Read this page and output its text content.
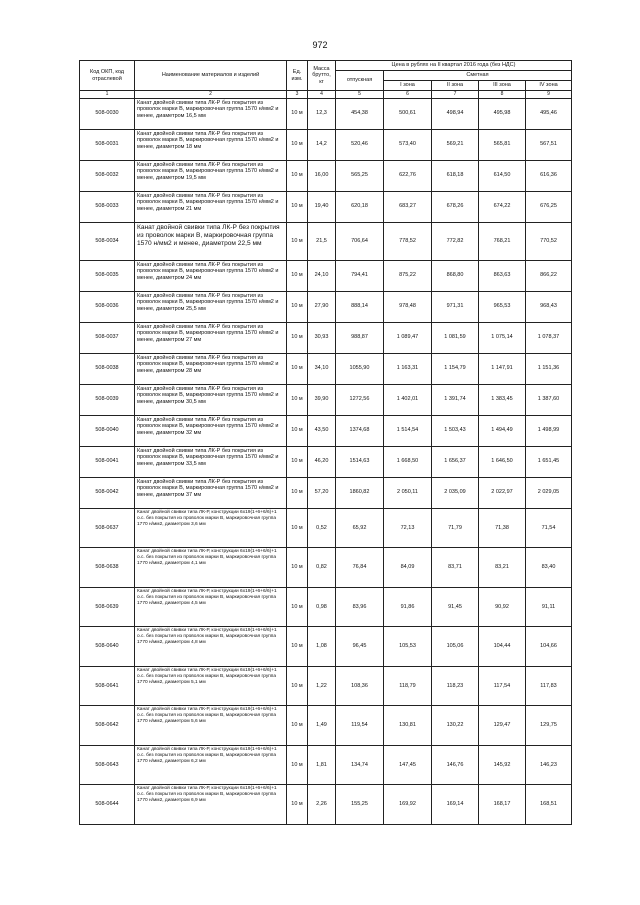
972
Код ОКП, код отраслевой	Наименование материалов и изделий	Ед. изм.	Масса брутто, кг	Цена в рублях на II квартал 2016 года (без НДС)				
				отпускная	Сметная			
					I зона	II зона	III зона	IV зона
1	2	3	4	5	6	7	8	9
508-0030	Канат двойной свивки типа ЛК-Р без покрытия из проволок марки В, маркировочная группа 1570 н/мм2 и менее, диаметром 16,5 мм	10 м	12,3	454,38	500,61	498,94	495,98	495,46
508-0031	Канат двойной свивки типа ЛК-Р без покрытия из проволок марки В, маркировочная группа 1570 н/мм2 и менее, диаметром 18 мм	10 м	14,2	520,46	573,40	569,21	565,81	567,51
508-0032	Канат двойной свивки типа ЛК-Р без покрытия из проволок марки В, маркировочная группа 1570 н/мм2 и менее, диаметром 19,5 мм	10 м	16,00	565,25	622,76	618,18	614,50	616,36
508-0033	Канат двойной свивки типа ЛК-Р без покрытия из проволок марки В, маркировочная группа 1570 н/мм2 и менее, диаметром 21 мм	10 м	19,40	620,18	683,27	678,26	674,22	676,25
508-0034	Канат двойной свивки типа ЛК-Р без покрытия из проволок марки В, маркировочная группа 1570 н/мм2 и менее, диаметром 22,5 мм	10 м	21,5	706,64	778,52	772,82	768,21	770,52
508-0035	Канат двойной свивки типа ЛК-Р без покрытия из проволок марки В, маркировочная группа 1570 н/мм2 и менее, диаметром 24 мм	10 м	24,10	794,41	875,22	868,80	863,63	866,22
508-0036	Канат двойной свивки типа ЛК-Р без покрытия из проволок марки В, маркировочная группа 1570 н/мм2 и менее, диаметром 25,5 мм	10 м	27,90	888,14	978,48	971,31	965,53	968,43
508-0037	Канат двойной свивки типа ЛК-Р без покрытия из проволок марки В, маркировочная группа 1570 н/мм2 и менее, диаметром 27 мм	10 м	30,93	988,87	1 089,47	1 081,59	1 075,14	1 078,37
508-0038	Канат двойной свивки типа ЛК-Р без покрытия из проволок марки В, маркировочная группа 1570 н/мм2 и менее, диаметром 28 мм	10 м	34,10	1055,90	1 163,31	1 154,79	1 147,91	1 151,36
508-0039	Канат двойной свивки типа ЛК-Р без покрытия из проволок марки В, маркировочная группа 1570 н/мм2 и менее, диаметром 30,5 мм	10 м	39,90	1272,56	1 402,01	1 391,74	1 383,45	1 387,60
508-0040	Канат двойной свивки типа ЛК-Р без покрытия из проволок марки В, маркировочная группа 1570 н/мм2 и менее, диаметром 32 мм	10 м	43,50	1374,68	1 514,54	1 503,43	1 494,49	1 498,99
508-0041	Канат двойной свивки типа ЛК-Р без покрытия из проволок марки В, маркировочная группа 1570 н/мм2 и менее, диаметром 33,5 мм	10 м	46,20	1514,63	1 668,50	1 656,37	1 646,50	1 651,45
508-0042	Канат двойной свивки типа ЛК-Р без покрытия из проволок марки В, маркировочная группа 1570 н/мм2 и менее, диаметром 37 мм	10 м	57,20	1860,82	2 050,11	2 035,09	2 022,97	2 029,05
508-0637	Канат двойной свивки типа ЛК-Р, конструкции 6х19(1+6+6/6)+1 о.с. без покрытия из проволок марки В, маркировочная группа 1770 н/мм2, диаметром 3,6 мм	10 м	0,52	65,92	72,13	71,79	71,38	71,54
508-0638	Канат двойной свивки типа ЛК-Р, конструкции 6х19(1+6+6/6)+1 о.с. без покрытия из проволок марки В, маркировочная группа 1770 н/мм2, диаметром 4,1 мм	10 м	0,82	76,84	84,09	83,71	83,21	83,40
508-0639	Канат двойной свивки типа ЛК-Р, конструкции 6х19(1+6+6/6)+1 о.с. без покрытия из проволок марки В, маркировочная группа 1770 н/мм2, диаметром 4,5 мм	10 м	0,98	83,96	91,86	91,45	90,92	91,11
508-0640	Канат двойной свивки типа ЛК-Р, конструкции 6х19(1+6+6/6)+1 о.с. без покрытия из проволок марки В, маркировочная группа 1770 н/мм2, диаметром 4,8 мм	10 м	1,08	96,45	105,53	105,06	104,44	104,66
508-0641	Канат двойной свивки типа ЛК-Р, конструкции 6х19(1+6+6/6)+1 о.с. без покрытия из проволок марки В, маркировочная группа 1770 н/мм2, диаметром 5,1 мм	10 м	1,22	108,36	118,79	118,23	117,54	117,83
508-0642	Канат двойной свивки типа ЛК-Р, конструкции 6х19(1+6+6/6)+1 о.с. без покрытия из проволок марки В, маркировочная группа 1770 н/мм2, диаметром 5,6 мм	10 м	1,49	119,54	130,81	130,22	129,47	129,75
508-0643	Канат двойной свивки типа ЛК-Р, конструкции 6х19(1+6+6/6)+1 о.с. без покрытия из проволок марки В, маркировочная группа 1770 н/мм2, диаметром 6,2 мм	10 м	1,81	134,74	147,45	146,76	145,92	146,23
508-0644	Канат двойной свивки типа ЛК-Р, конструкции 6х19(1+6+6/6)+1 о.с. без покрытия из проволок марки В, маркировочная группа 1770 н/мм2, диаметром 6,9 мм	10 м	2,26	155,25	169,92	169,14	168,17	168,51
